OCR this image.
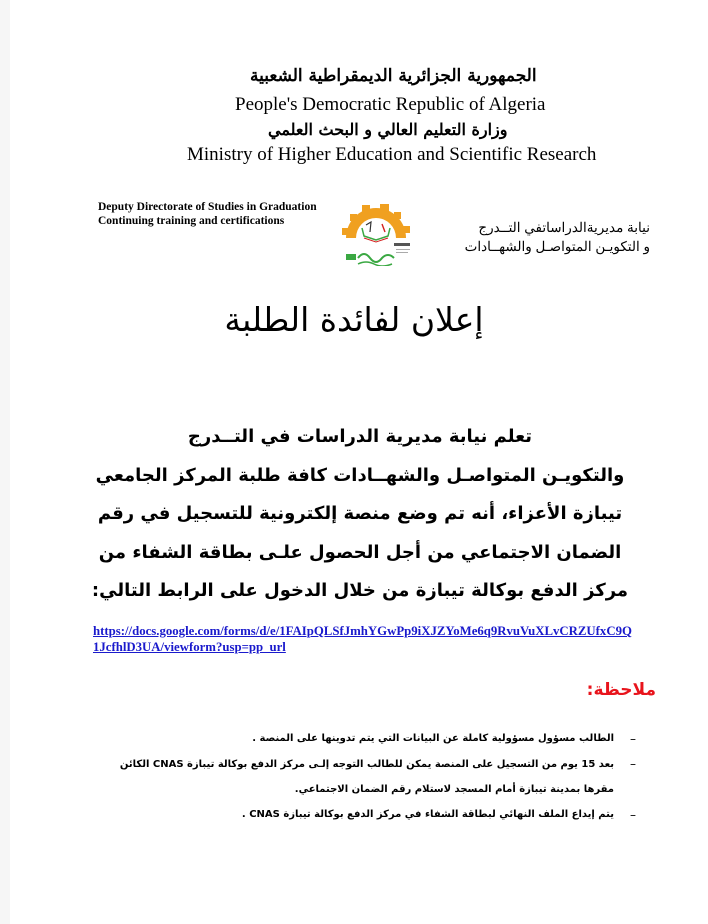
الجمهورية الجزائرية الديمقراطية الشعبية
People's Democratic Republic of Algeria
وزارة التعليم العالي و البحث العلمي
Ministry of Higher Education and Scientific Research
Deputy Directorate of Studies in Graduation
Continuing training and certifications	نيابة مديريةالدراساتفي التــدرج
و التكويـن المتواصـل والشهــادات
إعلان لفائدة الطلبة
تعلم نيابة مديرية الدراسات في التــدرج
والتكويـن المتواصـل والشهــادات كافة طلبة المركز الجامعي
تيبازة الأعزاء، أنه تم وضع منصة إلكترونية للتسجيل في رقم
الضمان الاجتماعي من أجل الحصول علـى بطاقة الشفاء من
مركز الدفع بوكالة تيبازة من خلال الدخول على الرابط التالي:
https://docs.google.com/forms/d/e/1FAIpQLSfJmhYGwPp9iXJZYoMe6q9RvuVuXLvCRZUfxC9Q1JcfhlD3UA/viewform?usp=pp_url
ملاحظة:
–
الطالب مسؤول مسؤولية كاملة عن البيانات التي يتم تدوينها على المنصة .
–
بعد 15 يوم من التسجيل على المنصة يمكن للطالب التوجه إلـى مركز الدفع بوكالة تيبازة CNAS الكائن مقرها بمدينة تيبازة أمام المسجد لاستلام رقم الضمان الاجتماعي.
–
يتم إيداع الملف النهائي لبطاقة الشفاء في مركز الدفع بوكالة تيبازة CNAS .
